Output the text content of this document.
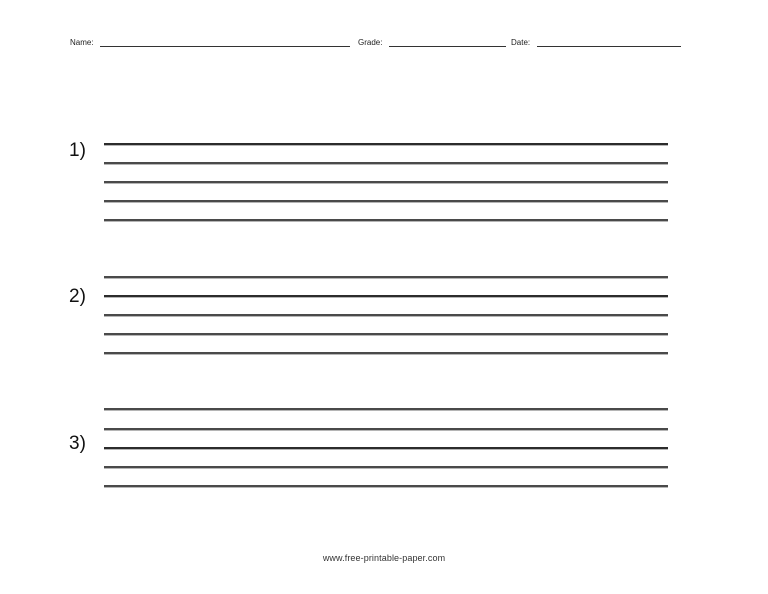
Name:	Grade:	Date:
1)
2)
3)
www.free-printable-paper.com
